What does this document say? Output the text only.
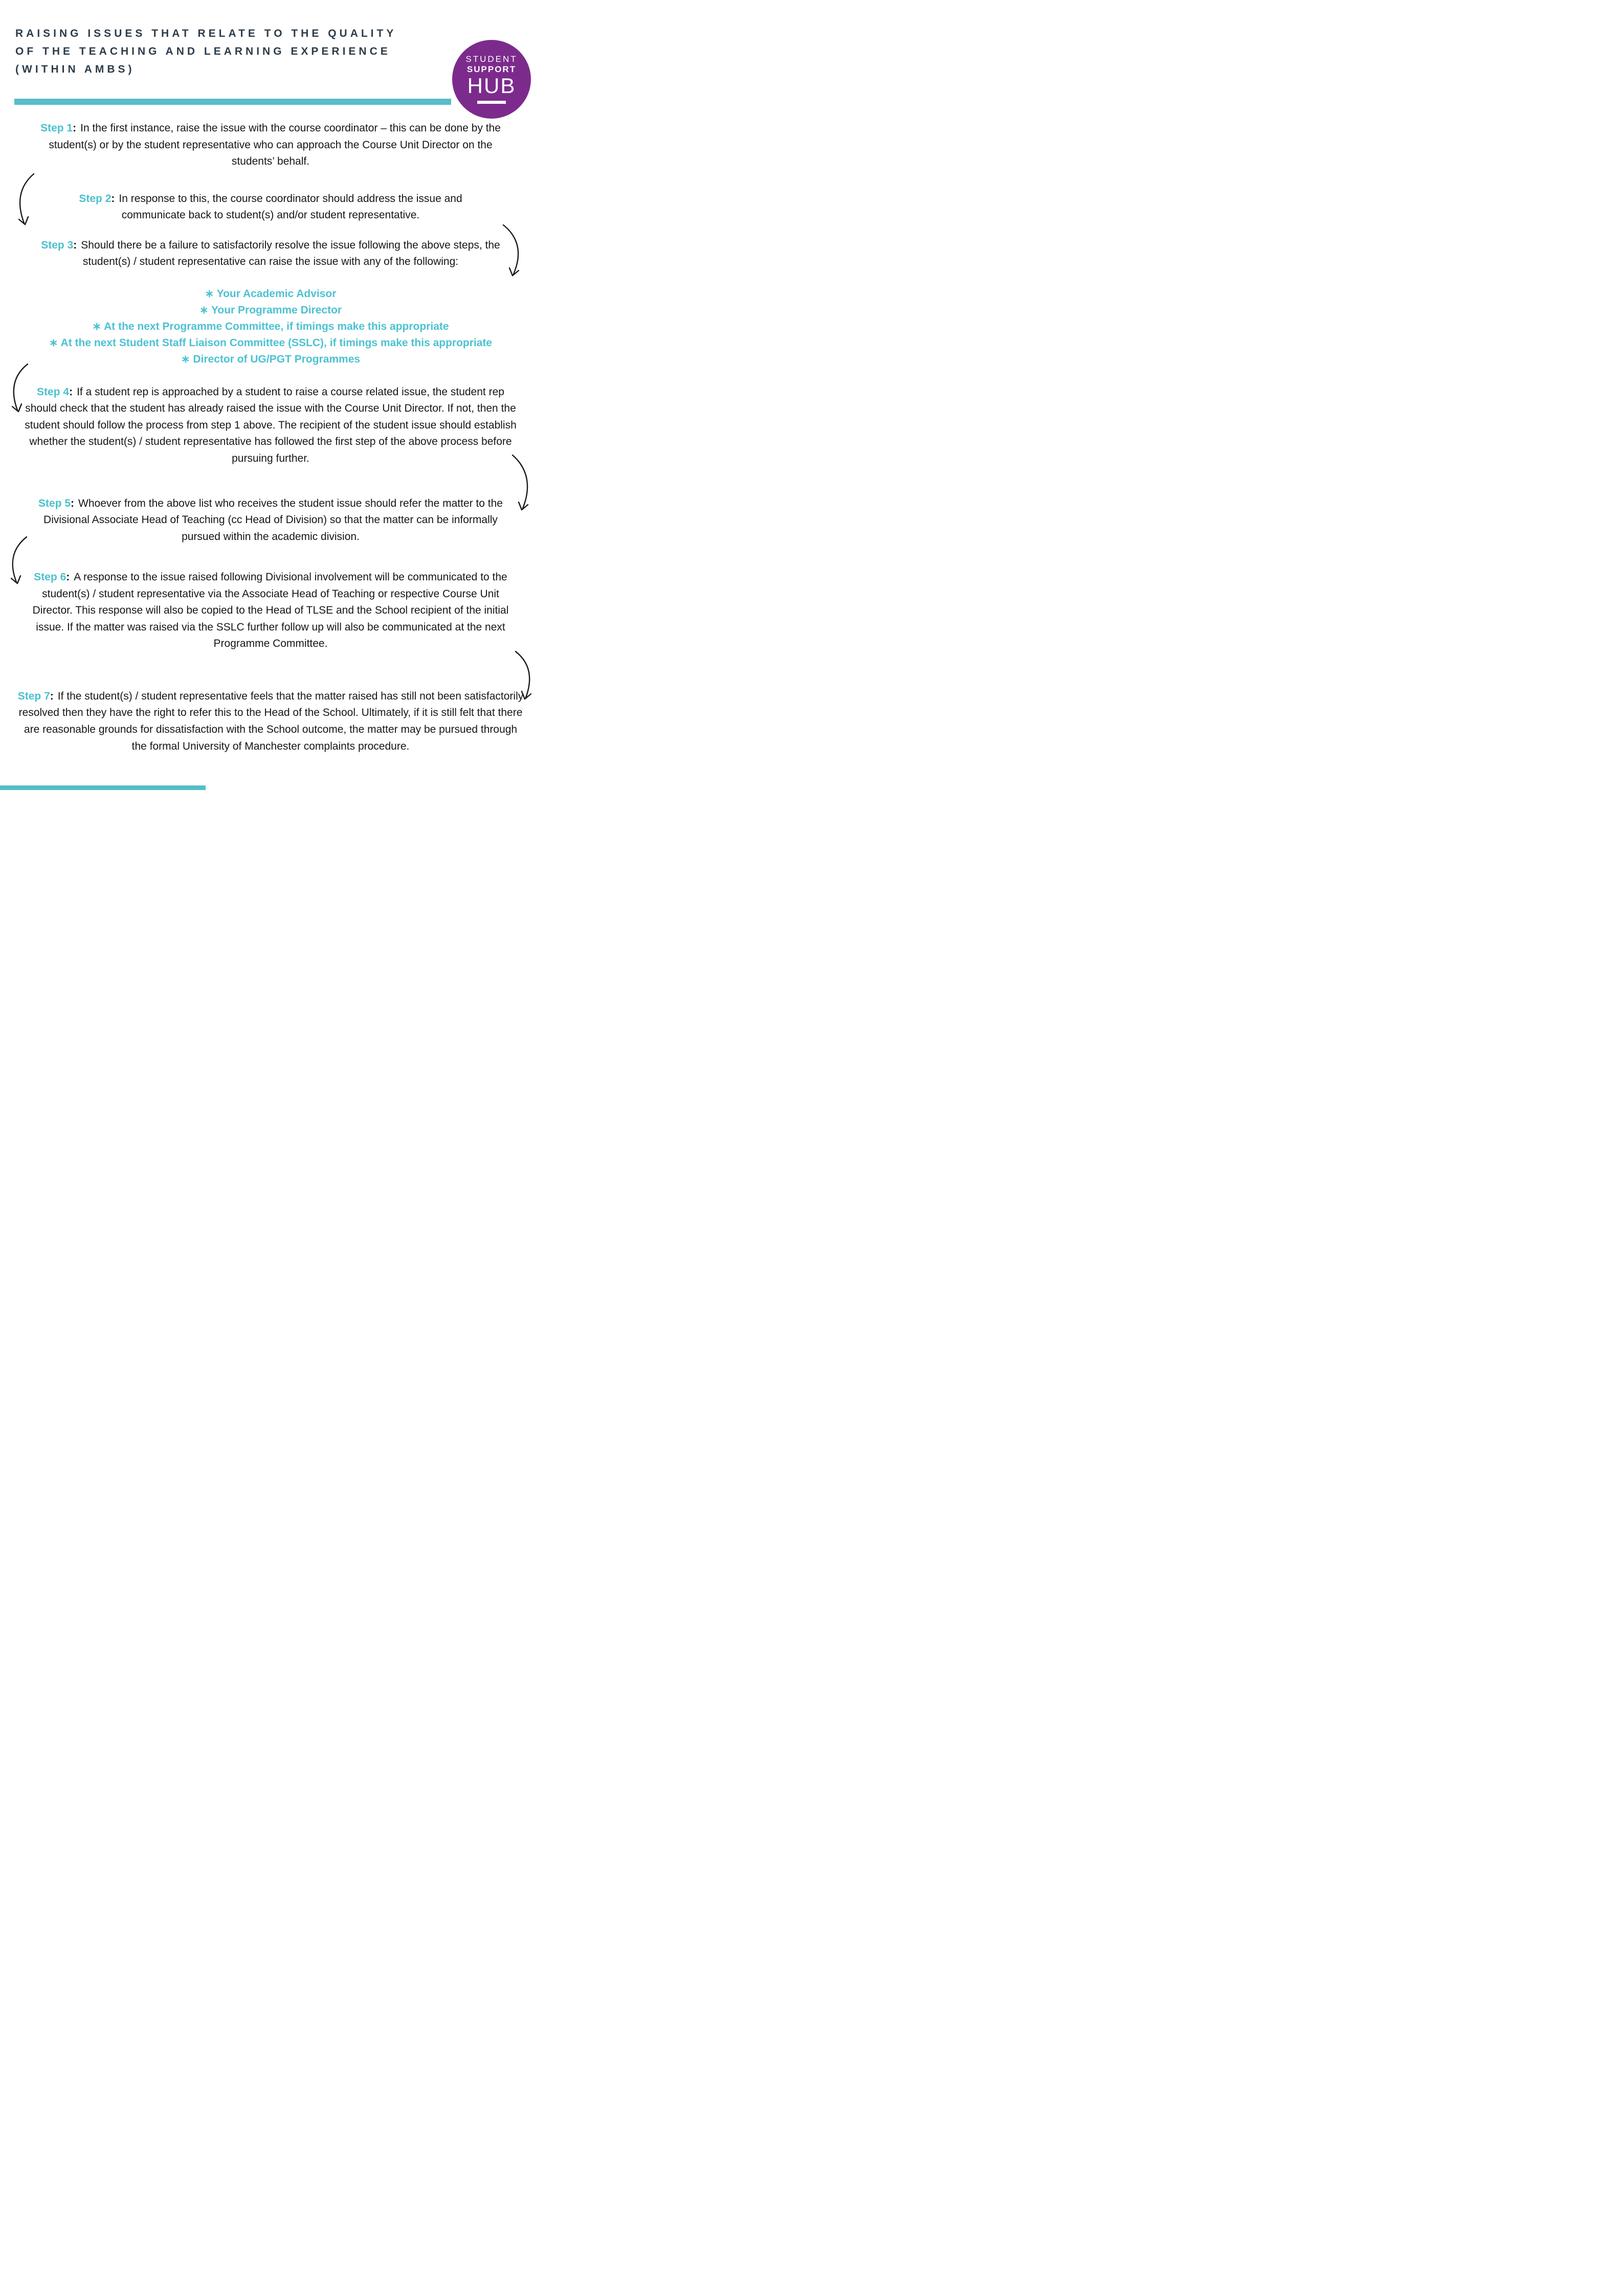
RAISING ISSUES THAT RELATE TO THE QUALITY
OF THE TEACHING AND LEARNING EXPERIENCE
(WITHIN AMBS)
STUDENT
SUPPORT
HUB

Step 1: In the first instance, raise the issue with the course coordinator – this can be done by the student(s) or by the student representative who can approach the Course Unit Director on the students’ behalf.

Step 2: In response to this, the course coordinator should address the issue and communicate back to student(s) and/or student representative.

Step 3: Should there be a failure to satisfactorily resolve the issue following the above steps, the student(s) / student representative can raise the issue with any of the following:

∗ Your Academic Advisor
∗ Your Programme Director
∗ At the next Programme Committee, if timings make this appropriate
∗ At the next Student Staff Liaison Committee (SSLC), if timings make this appropriate
∗ Director of UG/PGT Programmes

Step 4: If a student rep is approached by a student to raise a course related issue, the student rep should check that the student has already raised the issue with the Course Unit Director. If not, then the student should follow the process from step 1 above. The recipient of the student issue should establish whether the student(s) / student representative has followed the first step of the above process before pursuing further.

Step 5: Whoever from the above list who receives the student issue should refer the matter to the Divisional Associate Head of Teaching (cc Head of Division) so that the matter can be informally pursued within the academic division.

Step 6: A response to the issue raised following Divisional involvement will be communicated to the student(s) / student representative via the Associate Head of Teaching or respective Course Unit Director. This response will also be copied to the Head of TLSE and the School recipient of the initial issue. If the matter was raised via the SSLC further follow up will also be communicated at the next Programme Committee.

Step 7: If the student(s) / student representative feels that the matter raised has still not been satisfactorily resolved then they have the right to refer this to the Head of the School. Ultimately, if it is still felt that there are reasonable grounds for dissatisfaction with the School outcome, the matter may be pursued through the formal University of Manchester complaints procedure.
